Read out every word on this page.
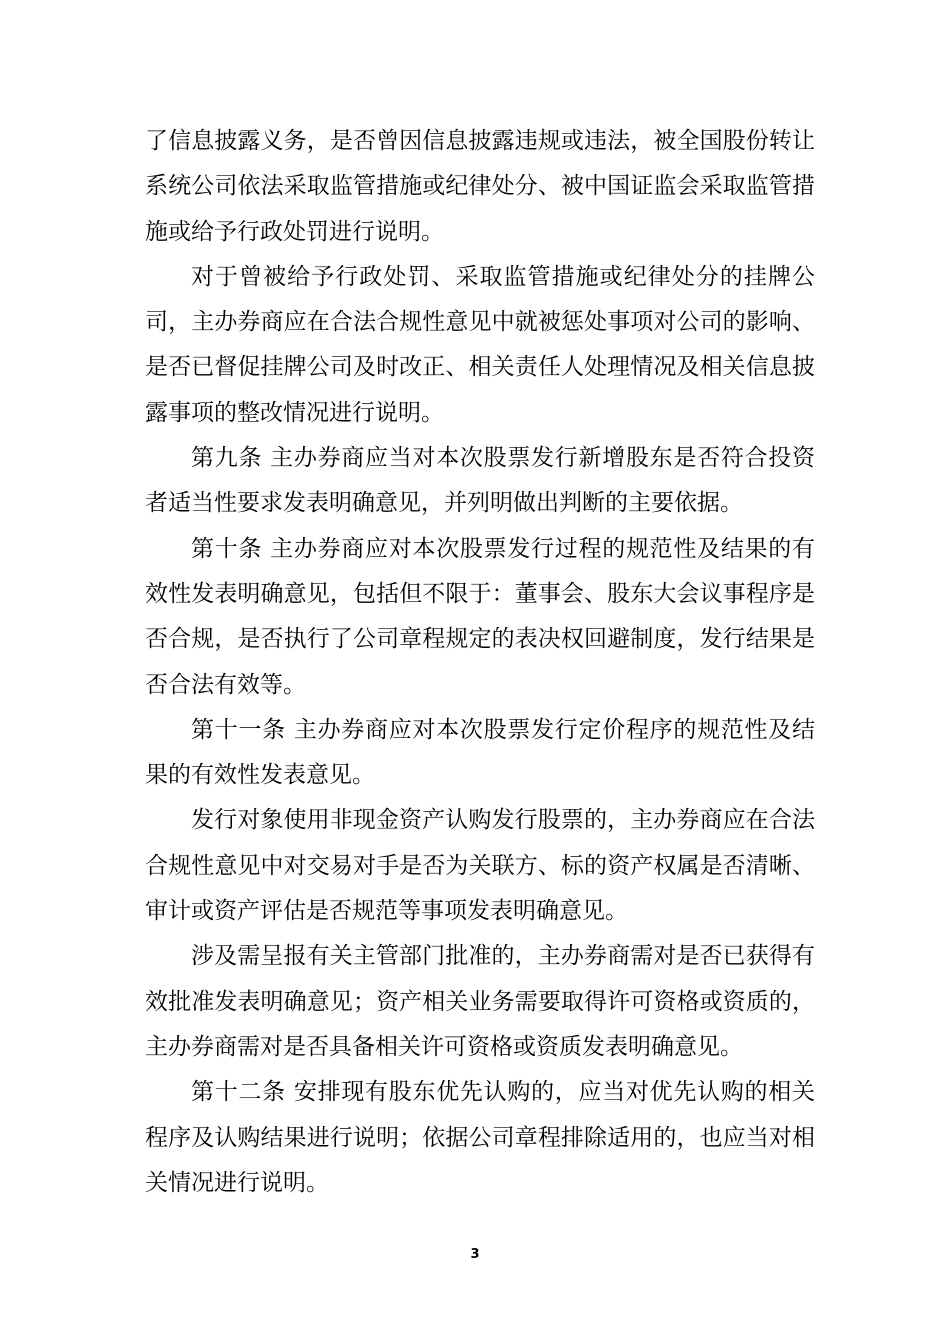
了信息披露义务，是否曾因信息披露违规或违法，被全国股份转让系统公司依法采取监管措施或纪律处分、被中国证监会采取监管措施或给予行政处罚进行说明。

对于曾被给予行政处罚、采取监管措施或纪律处分的挂牌公司，主办券商应在合法合规性意见中就被惩处事项对公司的影响、是否已督促挂牌公司及时改正、相关责任人处理情况及相关信息披露事项的整改情况进行说明。

第九条 主办券商应当对本次股票发行新增股东是否符合投资者适当性要求发表明确意见，并列明做出判断的主要依据。

第十条 主办券商应对本次股票发行过程的规范性及结果的有效性发表明确意见，包括但不限于：董事会、股东大会议事程序是否合规，是否执行了公司章程规定的表决权回避制度，发行结果是否合法有效等。

第十一条 主办券商应对本次股票发行定价程序的规范性及结果的有效性发表意见。

发行对象使用非现金资产认购发行股票的，主办券商应在合法合规性意见中对交易对手是否为关联方、标的资产权属是否清晰、审计或资产评估是否规范等事项发表明确意见。

涉及需呈报有关主管部门批准的，主办券商需对是否已获得有效批准发表明确意见；资产相关业务需要取得许可资格或资质的，主办券商需对是否具备相关许可资格或资质发表明确意见。

第十二条 安排现有股东优先认购的，应当对优先认购的相关程序及认购结果进行说明；依据公司章程排除适用的，也应当对相关情况进行说明。

3
